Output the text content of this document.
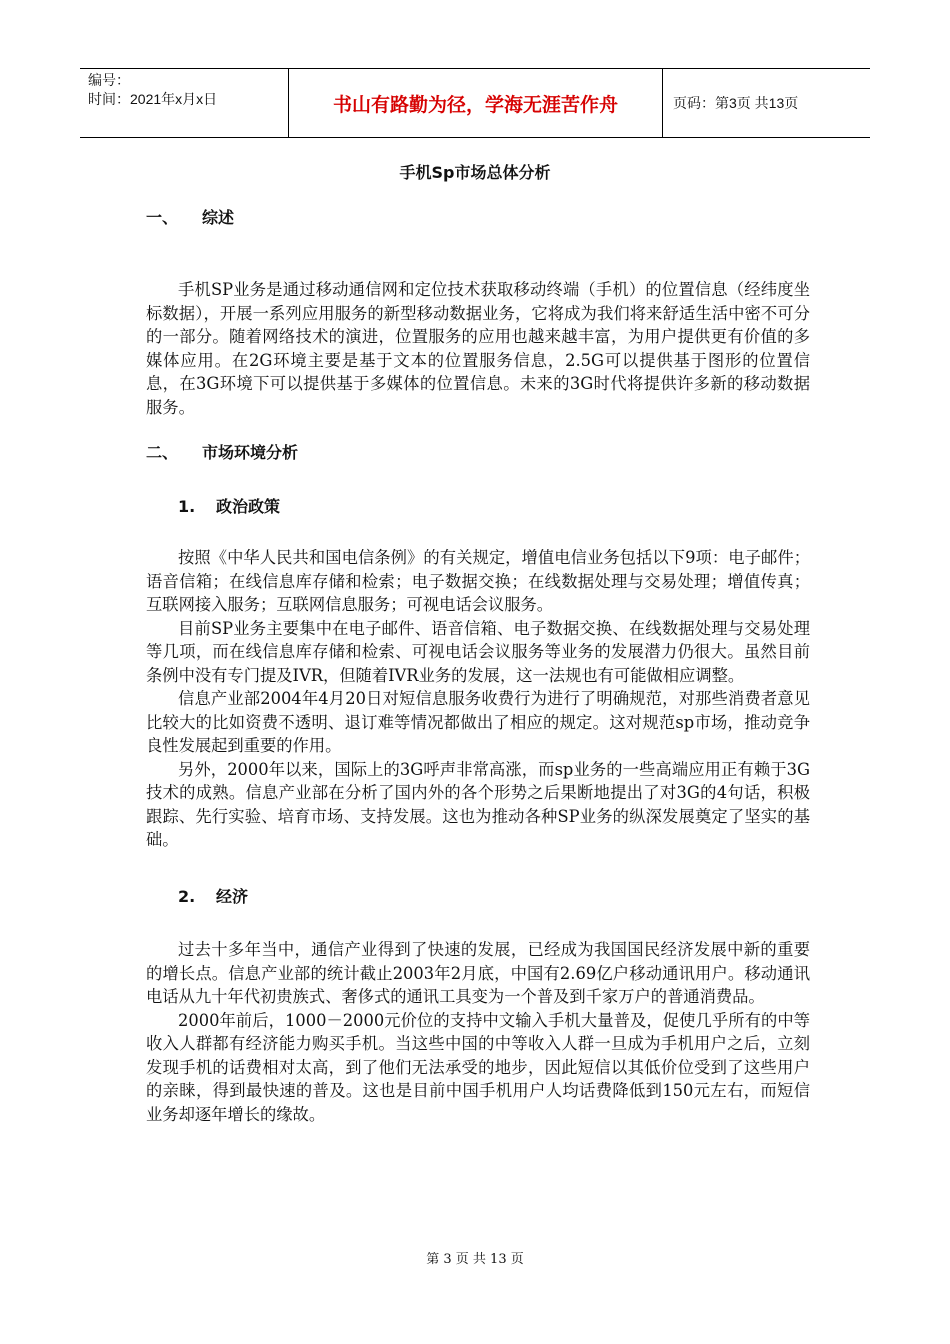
编号：
时间：2021年x月x日	书山有路勤为径，学海无涯苦作舟	页码：第3页 共13页
手机Sp市场总体分析
一、 综述

手机SP业务是通过移动通信网和定位技术获取移动终端（手机）的位置信息（经纬度坐标数据），开展一系列应用服务的新型移动数据业务，它将成为我们将来舒适生活中密不可分的一部分。随着网络技术的演进，位置服务的应用也越来越丰富，为用户提供更有价值的多媒体应用。在2G环境主要是基于文本的位置服务信息，2.5G可以提供基于图形的位置信息，在3G环境下可以提供基于多媒体的位置信息。未来的3G时代将提供许多新的移动数据服务。

二、 市场环境分析
1. 政治政策

按照《中华人民共和国电信条例》的有关规定，增值电信业务包括以下9项：电子邮件；语音信箱；在线信息库存储和检索；电子数据交换；在线数据处理与交易处理；增值传真；互联网接入服务；互联网信息服务；可视电话会议服务。

目前SP业务主要集中在电子邮件、语音信箱、电子数据交换、在线数据处理与交易处理等几项，而在线信息库存储和检索、可视电话会议服务等业务的发展潜力仍很大。虽然目前条例中没有专门提及IVR，但随着IVR业务的发展，这一法规也有可能做相应调整。

信息产业部2004年4月20日对短信息服务收费行为进行了明确规范，对那些消费者意见比较大的比如资费不透明、退订难等情况都做出了相应的规定。这对规范sp市场，推动竞争良性发展起到重要的作用。

另外，2000年以来，国际上的3G呼声非常高涨，而sp业务的一些高端应用正有赖于3G技术的成熟。信息产业部在分析了国内外的各个形势之后果断地提出了对3G的4句话，积极跟踪、先行实验、培育市场、支持发展。这也为推动各种SP业务的纵深发展奠定了坚实的基础。

2. 经济

过去十多年当中，通信产业得到了快速的发展，已经成为我国国民经济发展中新的重要的增长点。信息产业部的统计截止2003年2月底，中国有2.69亿户移动通讯用户。移动通讯电话从九十年代初贵族式、奢侈式的通讯工具变为一个普及到千家万户的普通消费品。

2000年前后，1000－2000元价位的支持中文输入手机大量普及，促使几乎所有的中等收入人群都有经济能力购买手机。当这些中国的中等收入人群一旦成为手机用户之后，立刻发现手机的话费相对太高，到了他们无法承受的地步，因此短信以其低价位受到了这些用户的亲睐，得到最快速的普及。这也是目前中国手机用户人均话费降低到150元左右，而短信业务却逐年增长的缘故。

第 3 页 共 13 页
